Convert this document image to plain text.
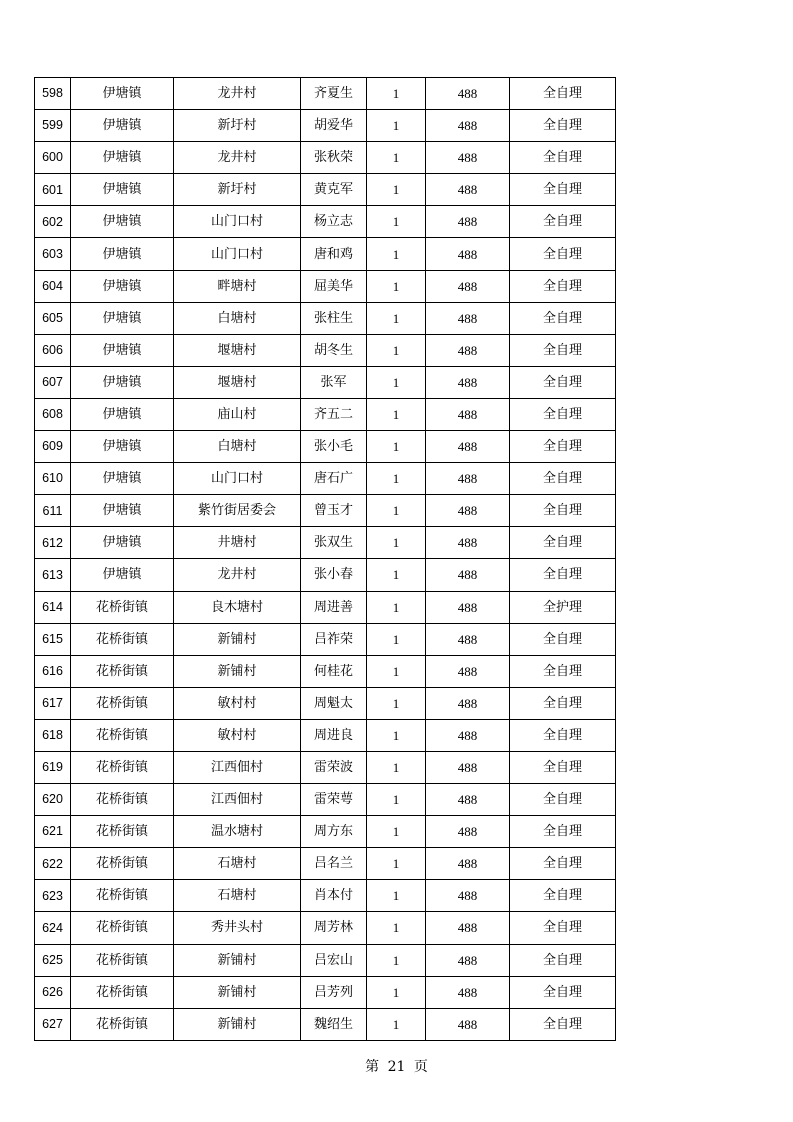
598	伊塘镇	龙井村	齐夏生	1	488	全自理
599	伊塘镇	新圩村	胡爱华	1	488	全自理
600	伊塘镇	龙井村	张秋荣	1	488	全自理
601	伊塘镇	新圩村	黄克军	1	488	全自理
602	伊塘镇	山门口村	杨立志	1	488	全自理
603	伊塘镇	山门口村	唐和鸡	1	488	全自理
604	伊塘镇	畔塘村	屈美华	1	488	全自理
605	伊塘镇	白塘村	张柱生	1	488	全自理
606	伊塘镇	堰塘村	胡冬生	1	488	全自理
607	伊塘镇	堰塘村	张军	1	488	全自理
608	伊塘镇	庙山村	齐五二	1	488	全自理
609	伊塘镇	白塘村	张小毛	1	488	全自理
610	伊塘镇	山门口村	唐石广	1	488	全自理
611	伊塘镇	紫竹街居委会	曾玉才	1	488	全自理
612	伊塘镇	井塘村	张双生	1	488	全自理
613	伊塘镇	龙井村	张小春	1	488	全自理
614	花桥街镇	良木塘村	周进善	1	488	全护理
615	花桥街镇	新铺村	吕祚荣	1	488	全自理
616	花桥街镇	新铺村	何桂花	1	488	全自理
617	花桥街镇	敏村村	周魁太	1	488	全自理
618	花桥街镇	敏村村	周进良	1	488	全自理
619	花桥街镇	江西佃村	雷荣波	1	488	全自理
620	花桥街镇	江西佃村	雷荣萼	1	488	全自理
621	花桥街镇	温水塘村	周方东	1	488	全自理
622	花桥街镇	石塘村	吕名兰	1	488	全自理
623	花桥街镇	石塘村	肖本付	1	488	全自理
624	花桥街镇	秀井头村	周芳林	1	488	全自理
625	花桥街镇	新铺村	吕宏山	1	488	全自理
626	花桥街镇	新铺村	吕芳列	1	488	全自理
627	花桥街镇	新铺村	魏绍生	1	488	全自理
第 21 页
